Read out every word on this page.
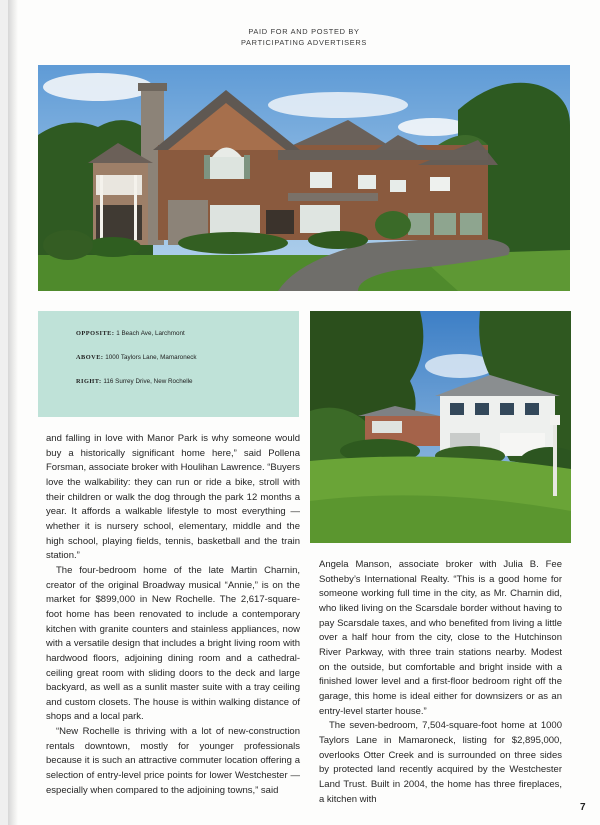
PAID FOR AND POSTED BY
PARTICIPATING ADVERTISERS
OPPOSITE: 1 Beach Ave, Larchmont
ABOVE: 1000 Taylors Lane, Mamaroneck
RIGHT: 116 Surrey Drive, New Rochelle

and falling in love with Manor Park is why someone would buy a historically significant home here,” said Pollena Forsman, associate broker with Houlihan Lawrence. “Buyers love the walkability: they can run or ride a bike, stroll with their children or walk the dog through the park 12 months a year. It affords a walkable lifestyle to most everything — whether it is nursery school, elementary, middle and the high school, playing fields, tennis, basketball and the train station.”

The four-bedroom home of the late Martin Charnin, creator of the original Broadway musical “Annie,” is on the market for $899,000 in New Rochelle. The 2,617-square-foot home has been renovated to include a contemporary kitchen with granite counters and stainless appliances, now with a versatile design that includes a bright living room with hardwood floors, adjoining dining room and a cathedral-ceiling great room with sliding doors to the deck and large backyard, as well as a sunlit master suite with a tray ceiling and custom closets. The house is within walking distance of shops and a local park.

“New Rochelle is thriving with a lot of new-construction rentals downtown, mostly for younger professionals because it is such an attractive commuter location offering a selection of entry-level price points for lower Westchester — especially when compared to the adjoining towns,” said

Angela Manson, associate broker with Julia B. Fee Sotheby’s International Realty. “This is a good home for someone working full time in the city, as Mr. Charnin did, who liked living on the Scarsdale border without having to pay Scarsdale taxes, and who benefited from living a little over a half hour from the city, close to the Hutchinson River Parkway, with three train stations nearby. Modest on the outside, but comfortable and bright inside with a finished lower level and a first-floor bedroom right off the garage, this home is ideal either for downsizers or as an entry-level starter house.”

The seven-bedroom, 7,504-square-foot home at 1000 Taylors Lane in Mamaroneck, listing for $2,895,000, overlooks Otter Creek and is surrounded on three sides by protected land recently acquired by the Westchester Land Trust. Built in 2004, the home has three fireplaces, a kitchen with

7
